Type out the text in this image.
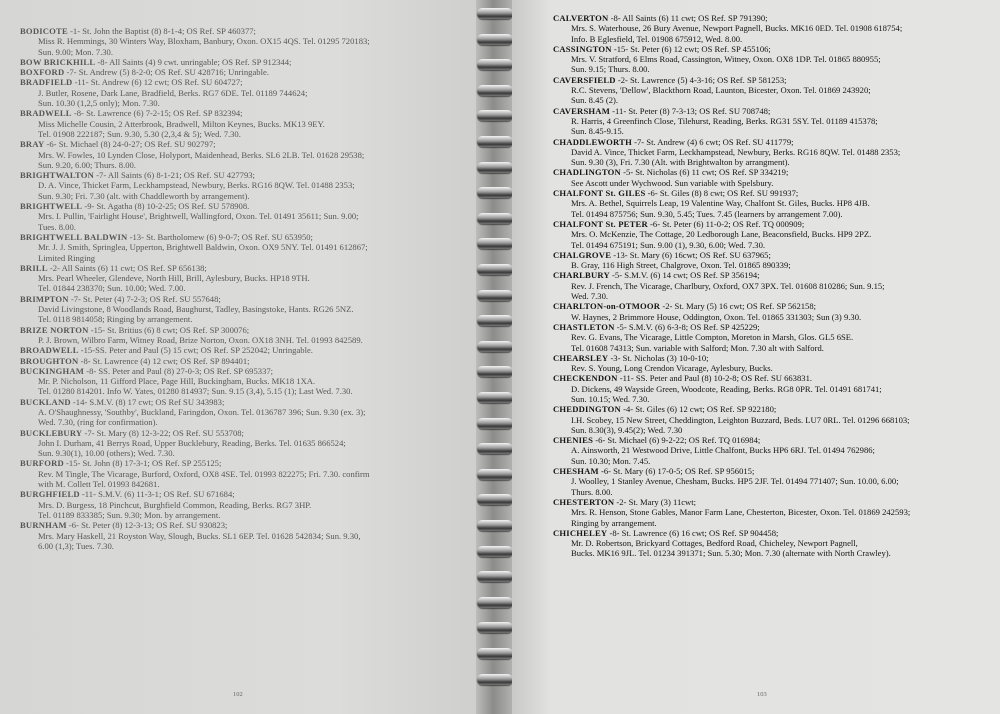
BODICOTE -1- St. John the Baptist (8) 8-1-4; OS Ref. SP 460377;

Miss R. Hemmings, 30 Winters Way, Bloxham, Banbury, Oxon. OX15 4QS. Tel. 01295 720183;

Sun. 9.00; Mon. 7.30.

BOW BRICKHILL -8- All Saints (4) 9 cwt. unringable; OS Ref. SP 912344;

BOXFORD -7- St. Andrew (5) 8-2-0; OS Ref. SU 428716; Unringable.

BRADFIELD -11- St. Andrew (6) 12 cwt; OS Ref. SU 604727;

J. Butler, Rosene, Dark Lane, Bradfield, Berks. RG7 6DE. Tel. 01189 744624;

Sun. 10.30 (1,2,5 only); Mon. 7.30.

BRADWELL -8- St. Lawrence (6) 7-2-15; OS Ref. SP 832394;

Miss Michelle Cousin, 2 Atterbrook, Bradwell, Milton Keynes, Bucks. MK13 9EY.

Tel. 01908 222187; Sun. 9.30, 5.30 (2,3,4 & 5); Wed. 7.30.

BRAY -6- St. Michael (8) 24-0-27; OS Ref. SU 902797;

Mrs. W. Fowles, 10 Lynden Close, Holyport, Maidenhead, Berks. SL6 2LB. Tel. 01628 29538;

Sun. 9.20, 6.00; Thurs. 8.00.

BRIGHTWALTON -7- All Saints (6) 8-1-21; OS Ref. SU 427793;

D. A. Vince, Thicket Farm, Leckhampstead, Newbury, Berks. RG16 8QW. Tel. 01488 2353;

Sun. 9.30; Fri. 7.30 (alt. with Chaddleworth by arrangement).

BRIGHTWELL -9- St. Agatha (8) 10-2-25; OS Ref. SU 578908.

Mrs. I. Pullin, 'Fairlight House', Brightwell, Wallingford, Oxon. Tel. 01491 35611; Sun. 9.00;

Tues. 8.00.

BRIGHTWELL BALDWIN -13- St. Bartholomew (6) 9-0-7; OS Ref. SU 653950;

Mr. J. J. Smith, Springlea, Upperton, Brightwell Baldwin, Oxon. OX9 5NY. Tel. 01491 612867;

Limited Ringing

BRILL -2- All Saints (6) 11 cwt; OS Ref. SP 656138;

Mrs. Pearl Wheeler, Glendeve, North Hill, Brill, Aylesbury, Bucks. HP18 9TH.

Tel. 01844 238370; Sun. 10.00; Wed. 7.00.

BRIMPTON -7- St. Peter (4) 7-2-3; OS Ref. SU 557648;

David Livingstone, 8 Woodlands Road, Baughurst, Tadley, Basingstoke, Hants. RG26 5NZ.

Tel. 0118 9814058; Ringing by arrangement.

BRIZE NORTON -15- St. Britius (6) 8 cwt; OS Ref. SP 300076;

P. J. Brown, Wilbro Farm, Witney Road, Brize Norton, Oxon. OX18 3NH. Tel. 01993 842589.

BROADWELL -15-SS. Peter and Paul (5) 15 cwt; OS Ref. SP 252042; Unringable.

BROUGHTON -8- St. Lawrence (4) 12 cwt; OS Ref. SP 894401;

BUCKINGHAM -8- SS. Peter and Paul (8) 27-0-3; OS Ref. SP 695337;

Mr. P. Nicholson, 11 Gifford Place, Page Hill, Buckingham, Bucks. MK18 1XA.

Tel. 01280 814201. Info W. Yates, 01280 814937; Sun. 9.15 (3,4), 5.15 (1); Last Wed. 7.30.

BUCKLAND -14- S.M.V. (8) 17 cwt; OS Ref SU 343983;

A. O'Shaughnessy, 'Southby', Buckland, Faringdon, Oxon. Tel. 0136787 396; Sun. 9.30 (ex. 3);

Wed. 7.30, (ring for confirmation).

BUCKLEBURY -7- St. Mary (8) 12-3-22; OS Ref. SU 553708;

John I. Durham, 41 Berrys Road, Upper Bucklebury, Reading, Berks. Tel. 01635 866524;

Sun. 9.30(1), 10.00 (others); Wed. 7.30.

BURFORD -15- St. John (8) 17-3-1; OS Ref. SP 255125;

Rev. M Tingle, The Vicarage, Burford, Oxford, OX8 4SE. Tel. 01993 822275; Fri. 7.30. confirm

with M. Collett Tel. 01993 842681.

BURGHFIELD -11- S.M.V. (6) 11-3-1; OS Ref. SU 671684;

Mrs. D. Burgess, 18 Pinchcut, Burghfield Common, Reading, Berks. RG7 3HP.

Tel. 01189 833385; Sun. 9.30; Mon. by arrangement.

BURNHAM -6- St. Peter (8) 12-3-13; OS Ref. SU 930823;

Mrs. Mary Haskell, 21 Royston Way, Slough, Bucks. SL1 6EP. Tel. 01628 542834; Sun. 9.30,

6.00 (1,3); Tues. 7.30.

102

CALVERTON -8- All Saints (6) 11 cwt; OS Ref. SP 791390;

Mrs. S. Waterhouse, 26 Bury Avenue, Newport Pagnell, Bucks. MK16 0ED. Tel. 01908 618754;

Info. B Eglesfield, Tel. 01908 675912, Wed. 8.00.

CASSINGTON -15- St. Peter (6) 12 cwt; OS Ref. SP 455106;

Mrs. V. Stratford, 6 Elms Road, Cassington, Witney, Oxon. OX8 1DP. Tel. 01865 880955;

Sun. 9.15; Thurs. 8.00.

CAVERSFIELD -2- St. Lawrence (5) 4-3-16; OS Ref. SP 581253;

R.C. Stevens, 'Dellow', Blackthorn Road, Launton, Bicester, Oxon. Tel. 01869 243920;

Sun. 8.45 (2).

CAVERSHAM -11- St. Peter (8) 7-3-13; OS Ref. SU 708748;

R. Harris, 4 Greenfinch Close, Tilehurst, Reading, Berks. RG31 5SY. Tel. 01189 415378;

Sun. 8.45-9.15.

CHADDLEWORTH -7- St. Andrew (4) 6 cwt; OS Ref. SU 411779;

David A. Vince, Thicket Farm, Leckhampstead, Newbury, Berks. RG16 8QW. Tel. 01488 2353;

Sun. 9.30 (3), Fri. 7.30 (Alt. with Brightwalton by arrangment).

CHADLINGTON -5- St. Nicholas (6) 11 cwt; OS Ref. SP 334219;

See Ascott under Wychwood. Sun variable with Spelsbury.

CHALFONT St. GILES -6- St. Giles (8) 8 cwt; OS Ref. SU 991937;

Mrs. A. Bethel, Squirrels Leap, 19 Valentine Way, Chalfont St. Giles, Bucks. HP8 4JB.

Tel. 01494 875756; Sun. 9.30, 5.45; Tues. 7.45 (learners by arrangement 7.00).

CHALFONT St. PETER -6- St. Peter (6) 11-0-2; OS Ref. TQ 000909;

Mrs. O. McKenzie, The Cottage, 20 Ledborough Lane, Beaconsfield, Bucks. HP9 2PZ.

Tel. 01494 675191; Sun. 9.00 (1), 9.30, 6.00; Wed. 7.30.

CHALGROVE -13- St. Mary (6) 16cwt; OS Ref. SU 637965;

B. Gray, 116 High Street, Chalgrove, Oxon. Tel. 01865 890339;

CHARLBURY -5- S.M.V. (6) 14 cwt; OS Ref. SP 356194;

Rev. J. French, The Vicarage, Charlbury, Oxford, OX7 3PX. Tel. 01608 810286; Sun. 9.15;

Wed. 7.30.

CHARLTON-on-OTMOOR -2- St. Mary (5) 16 cwt; OS Ref. SP 562158;

W. Haynes, 2 Brimmore House, Oddington, Oxon. Tel. 01865 331303; Sun (3) 9.30.

CHASTLETON -5- S.M.V. (6) 6-3-8; OS Ref. SP 425229;

Rev. G. Evans, The Vicarage, Little Compton, Moreton in Marsh, Glos. GL5 6SE.

Tel. 01608 74313; Sun. variable with Salford; Mon. 7.30 alt with Salford.

CHEARSLEY -3- St. Nicholas (3) 10-0-10;

Rev. S. Young, Long Crendon Vicarage, Aylesbury, Bucks.

CHECKENDON -11- SS. Peter and Paul (8) 10-2-8; OS Ref. SU 663831.

D. Dickens, 49 Wayside Green, Woodcote, Reading, Berks. RG8 0PR. Tel. 01491 681741;

Sun. 10.15; Wed. 7.30.

CHEDDINGTON -4- St. Giles (6) 12 cwt; OS Ref. SP 922180;

I.H. Scobey, 15 New Street, Cheddington, Leighton Buzzard, Beds. LU7 0RL. Tel. 01296 668103;

Sun. 8.30(3), 9.45(2); Wed. 7.30

CHENIES -6- St. Michael (6) 9-2-22; OS Ref. TQ 016984;

A. Ainsworth, 21 Westwood Drive, Little Chalfont, Bucks HP6 6RJ. Tel. 01494 762986;

Sun. 10.30; Mon. 7.45.

CHESHAM -6- St. Mary (6) 17-0-5; OS Ref. SP 956015;

J. Woolley, 1 Stanley Avenue, Chesham, Bucks. HP5 2JF. Tel. 01494 771407; Sun. 10.00, 6.00;

Thurs. 8.00.

CHESTERTON -2- St. Mary (3) 11cwt;

Mrs. R. Henson, Stone Gables, Manor Farm Lane, Chesterton, Bicester, Oxon. Tel. 01869 242593;

Ringing by arrangement.

CHICHELEY -8- St. Lawrence (6) 16 cwt; OS Ref. SP 904458;

Mr. D. Robertson, Brickyard Cottages, Bedford Road, Chicheley, Newport Pagnell,

Bucks. MK16 9JL. Tel. 01234 391371; Sun. 5.30; Mon. 7.30 (alternate with North Crawley).

103
